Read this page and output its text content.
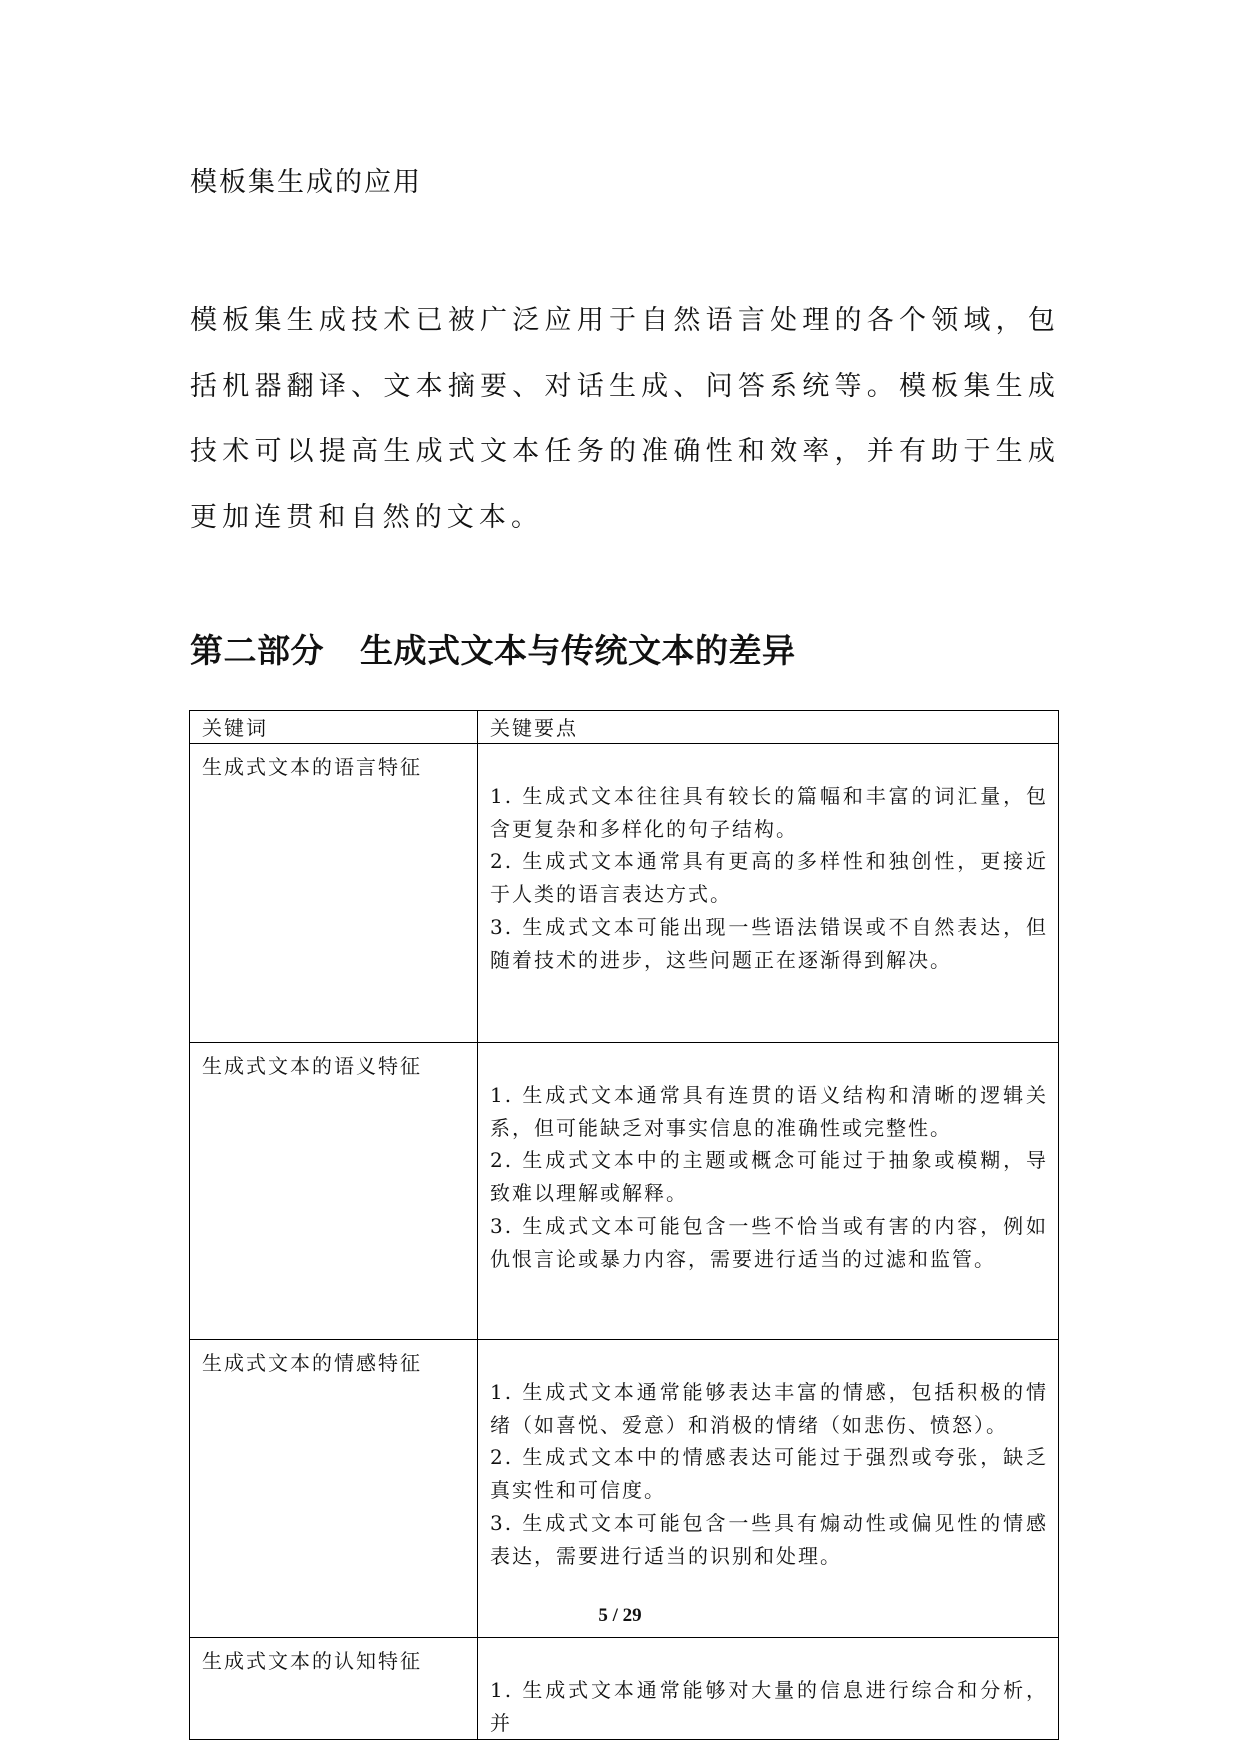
模板集生成的应用

模板集生成技术已被广泛应用于自然语言处理的各个领域，包括机器翻译、文本摘要、对话生成、问答系统等。模板集生成技术可以提高生成式文本任务的准确性和效率，并有助于生成更加连贯和自然的文本。

第二部分 生成式文本与传统文本的差异
关键词	关键要点
生成式文本的语言特征	1. 生成式文本往往具有较长的篇幅和丰富的词汇量，包含更复杂和多样化的句子结构。

2. 生成式文本通常具有更高的多样性和独创性，更接近于人类的语言表达方式。

3. 生成式文本可能出现一些语法错误或不自然表达，但随着技术的进步，这些问题正在逐渐得到解决。

生成式文本的语义特征	1. 生成式文本通常具有连贯的语义结构和清晰的逻辑关系，但可能缺乏对事实信息的准确性或完整性。

2. 生成式文本中的主题或概念可能过于抽象或模糊，导致难以理解或解释。

3. 生成式文本可能包含一些不恰当或有害的内容，例如仇恨言论或暴力内容，需要进行适当的过滤和监管。

生成式文本的情感特征	1. 生成式文本通常能够表达丰富的情感，包括积极的情绪（如喜悦、爱意）和消极的情绪（如悲伤、愤怒）。

2. 生成式文本中的情感表达可能过于强烈或夸张，缺乏真实性和可信度。

3. 生成式文本可能包含一些具有煽动性或偏见性的情感表达，需要进行适当的识别和处理。

生成式文本的认知特征	1. 生成式文本通常能够对大量的信息进行综合和分析，并

5 / 29
